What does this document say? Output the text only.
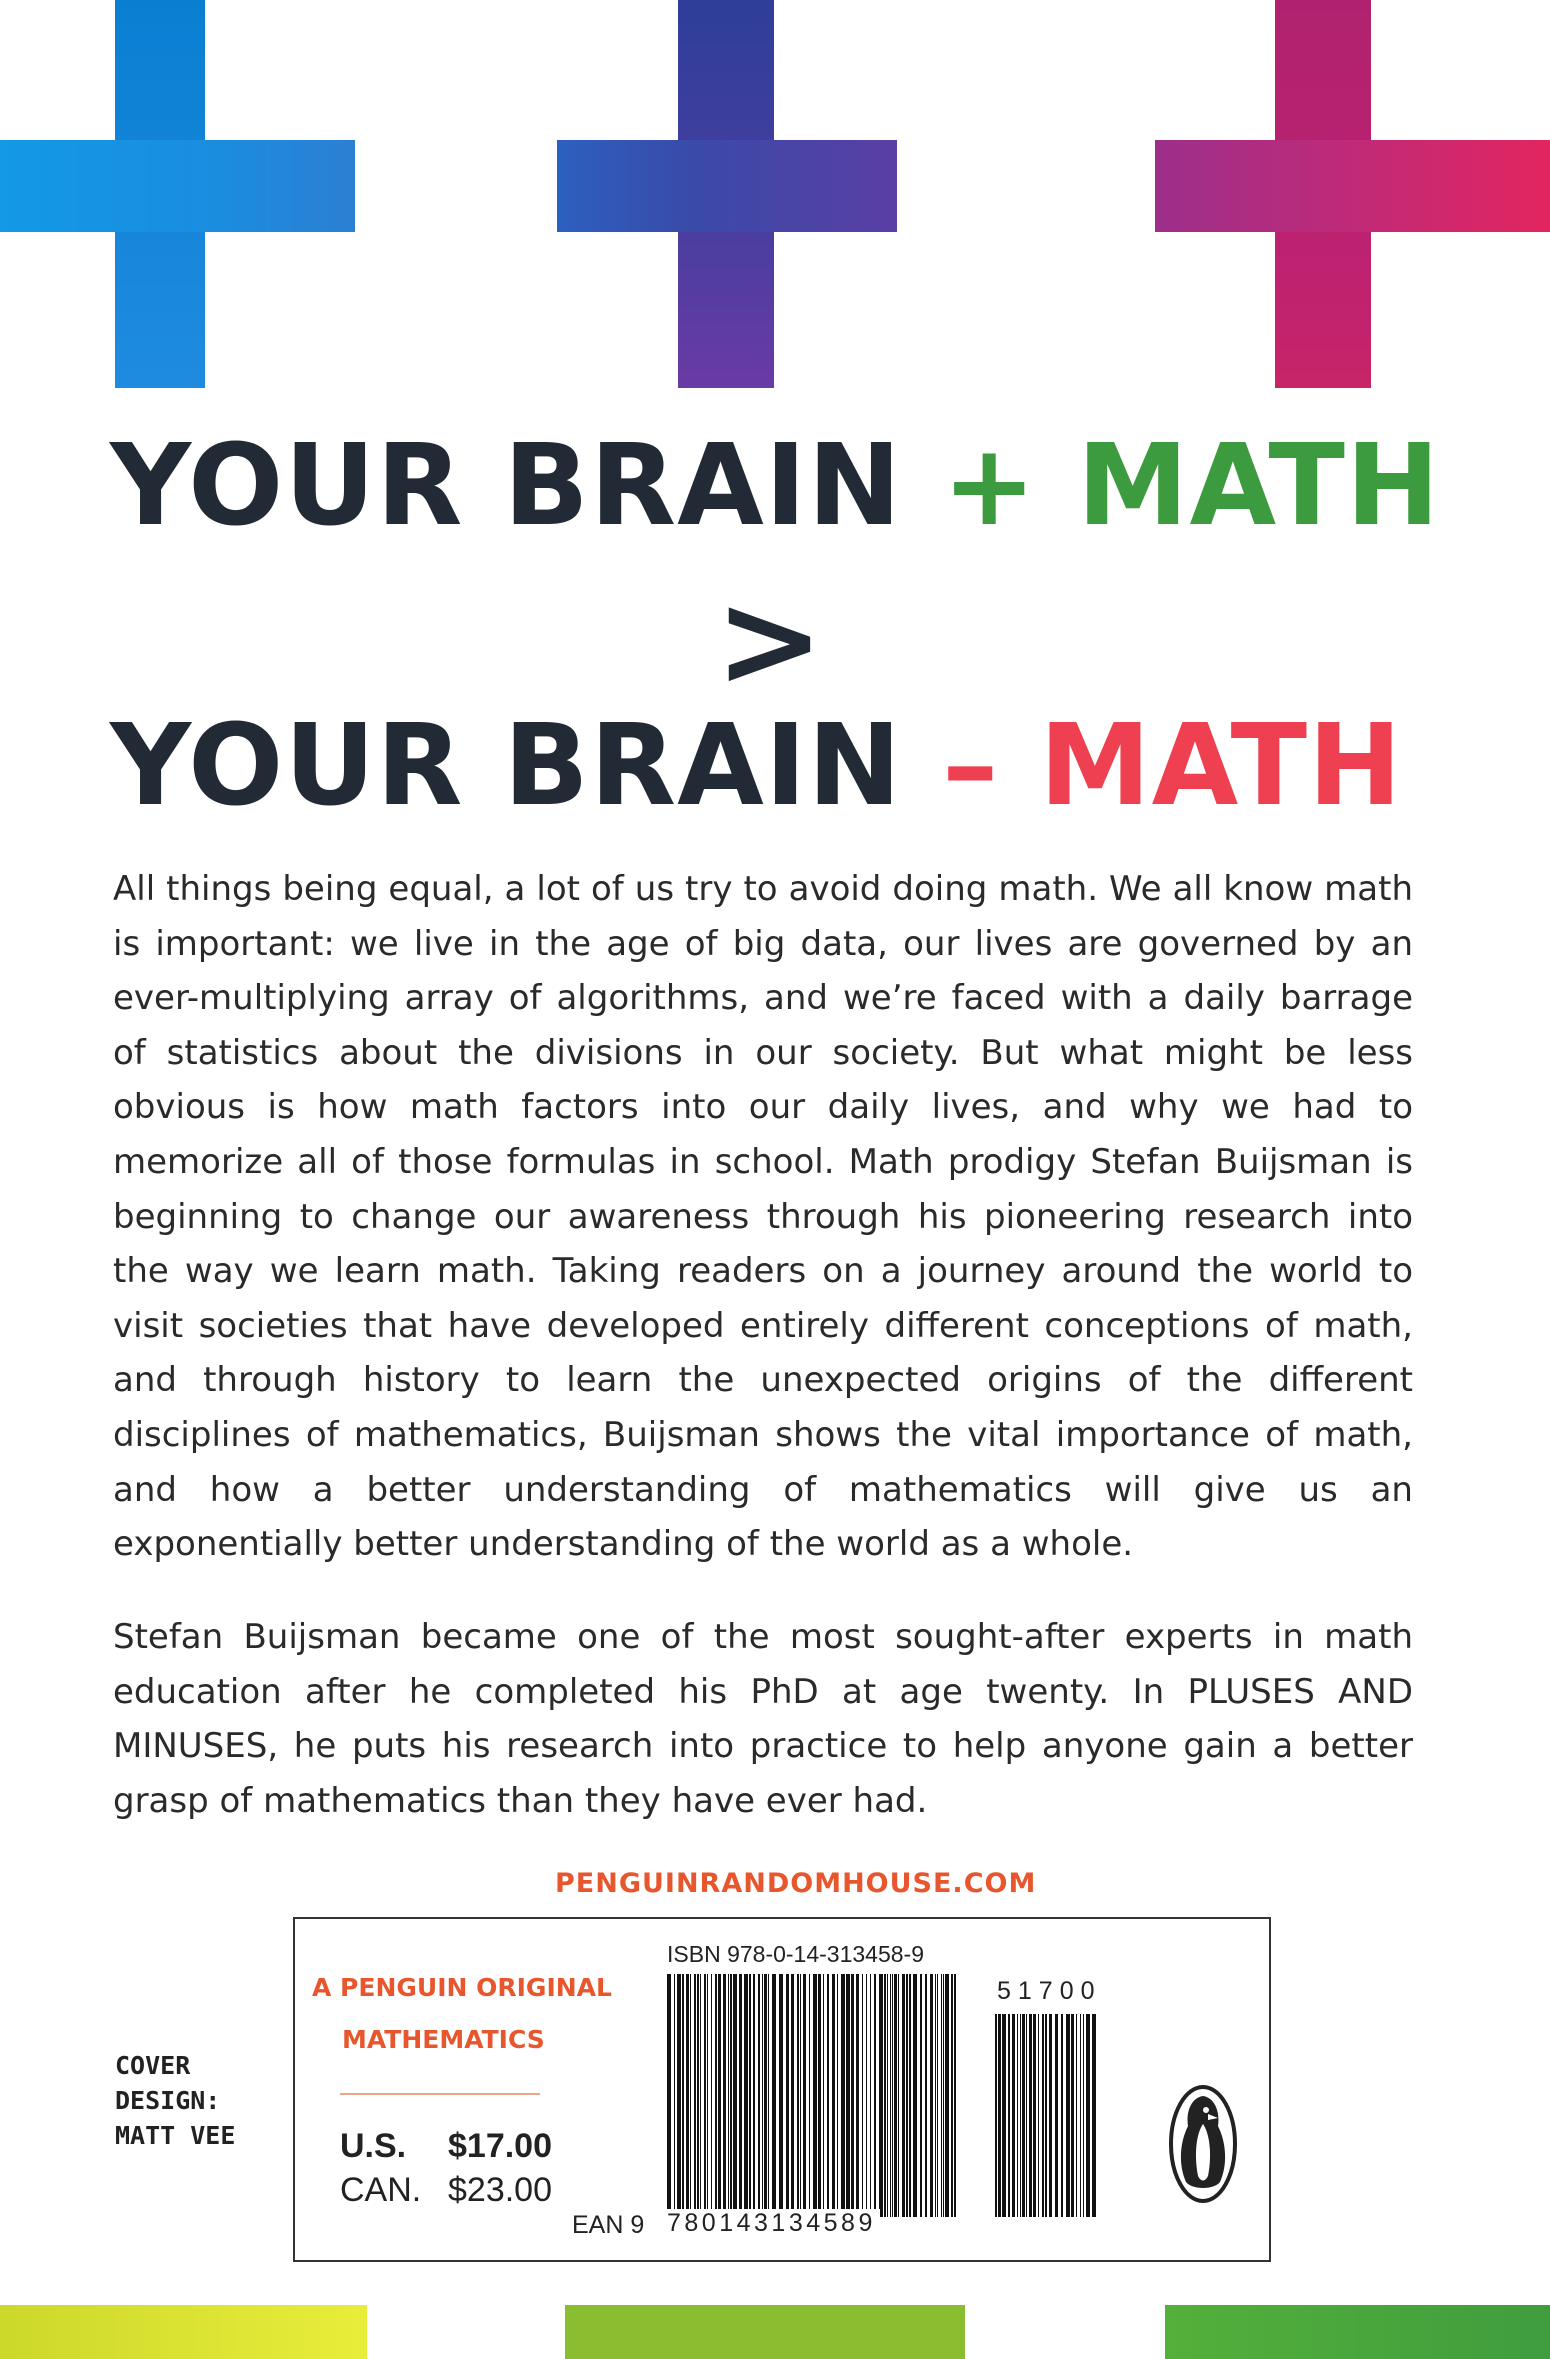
YOUR BRAIN + MATH
>
YOUR BRAIN – MATH

All things being equal, a lot of us try to avoid doing math. We all know math is important: we live in the age of big data, our lives are governed by an ever-multiplying array of algorithms, and we’re faced with a daily barrage of statistics about the divisions in our society. But what might be less obvious is how math factors into our daily lives, and why we had to memorize all of those formulas in school. Math prodigy Stefan Buijsman is beginning to change our awareness through his pioneering research into the way we learn math. Taking readers on a journey around the world to visit societies that have developed entirely different conceptions of math, and through history to learn the unexpected origins of the different disciplines of mathematics, Buijsman shows the vital importance of math, and how a better understanding of mathematics will give us an exponentially better understanding of the world as a whole.

Stefan Buijsman became one of the most sought-after experts in math education after he completed his PhD at age twenty. In PLUSES AND MINUSES, he puts his research into practice to help anyone gain a better grasp of mathematics than they have ever had.

PENGUINRANDOMHOUSE.COM
COVER
DESIGN:
MATT VEE
A PENGUIN ORIGINAL
MATHEMATICS
U.S. $17.00
CAN. $23.00
ISBN 978-0-14-313458-9
51700
EAN 9 780143134589
